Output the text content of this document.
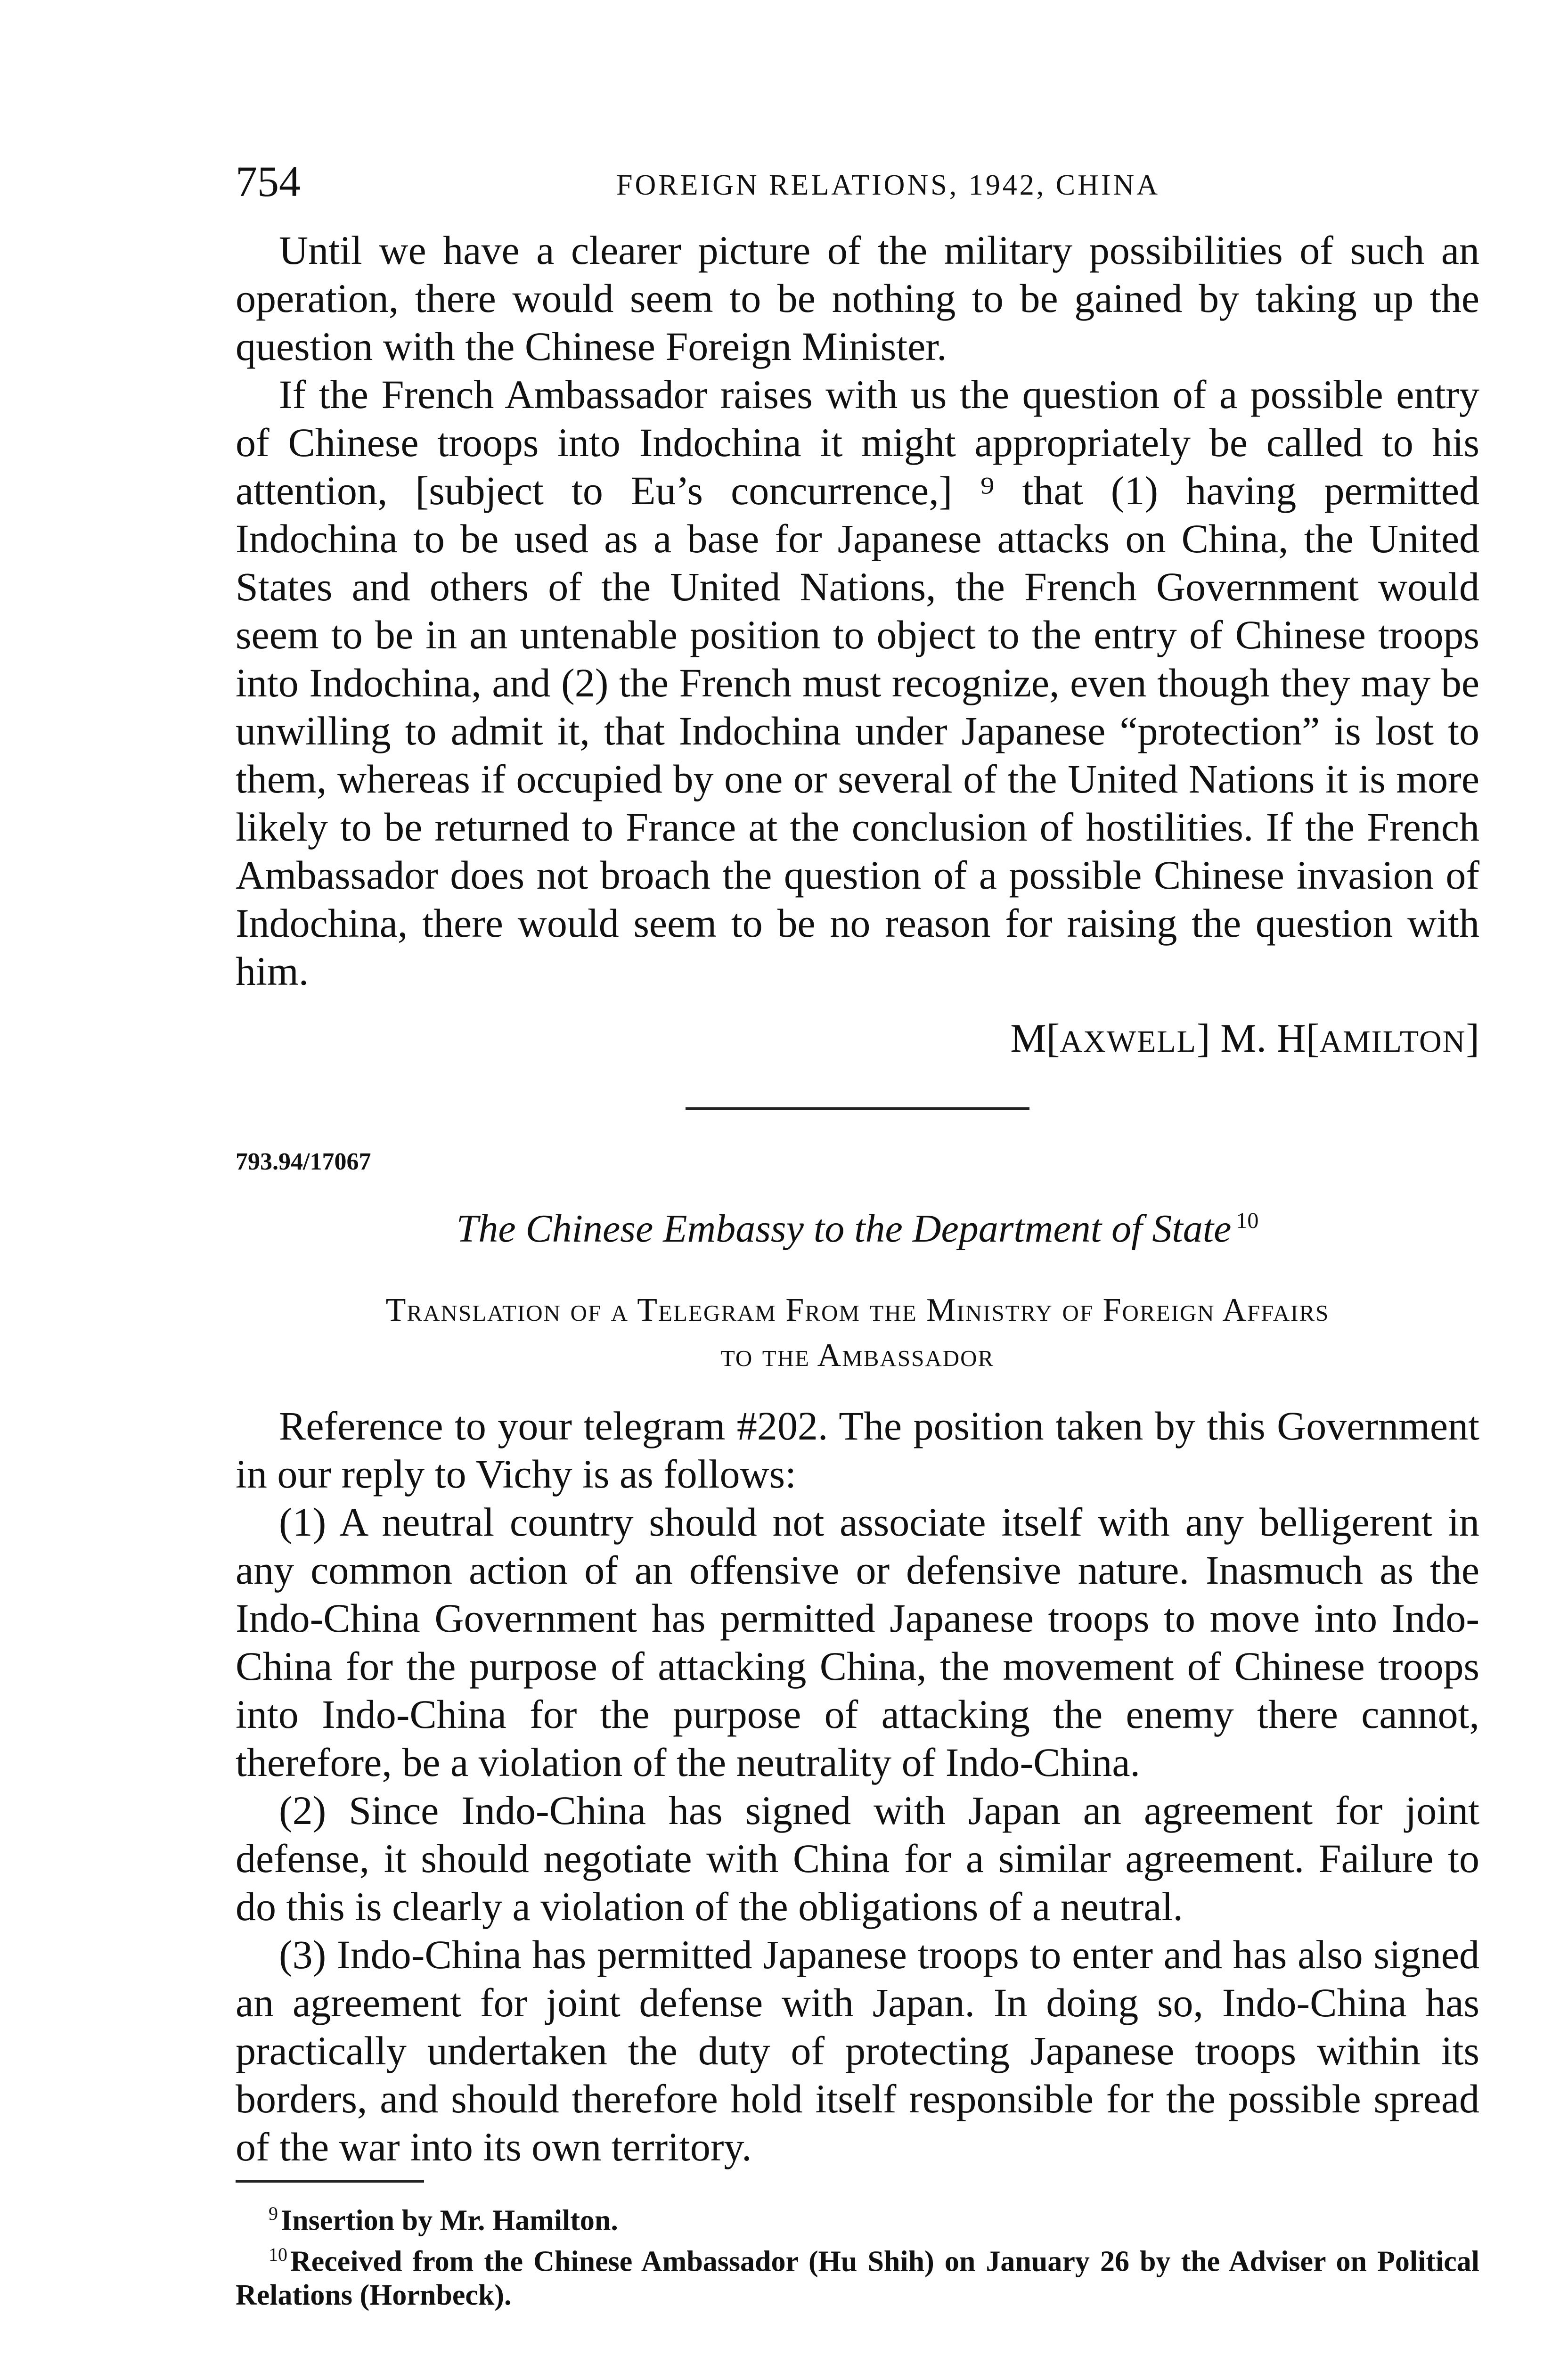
754	FOREIGN RELATIONS, 1942, CHINA

Until we have a clearer picture of the military possibilities of such an operation, there would seem to be nothing to be gained by taking up the question with the Chinese Foreign Minister.

If the French Ambassador raises with us the question of a possible entry of Chinese troops into Indochina it might appropriately be called to his attention, [subject to Eu’s concurrence,] ⁹ that (1) having permitted Indochina to be used as a base for Japanese attacks on China, the United States and others of the United Nations, the French Government would seem to be in an untenable position to object to the entry of Chinese troops into Indochina, and (2) the French must recognize, even though they may be unwilling to admit it, that Indochina under Japanese “protection” is lost to them, whereas if occupied by one or several of the United Nations it is more likely to be returned to France at the conclusion of hostilities. If the French Ambassador does not broach the question of a possible Chinese invasion of Indochina, there would seem to be no reason for raising the question with him.

M[AXWELL] M. H[AMILTON]
793.94/17067
The Chinese Embassy to the Department of State $^{10}$
Translation of a Telegram From the Ministry of Foreign Affairs
to the Ambassador

Reference to your telegram #202. The position taken by this Government in our reply to Vichy is as follows:

(1) A neutral country should not associate itself with any belligerent in any common action of an offensive or defensive nature. Inasmuch as the Indo-China Government has permitted Japanese troops to move into Indo-China for the purpose of attacking China, the movement of Chinese troops into Indo-China for the purpose of attacking the enemy there cannot, therefore, be a violation of the neutrality of Indo-China.

(2) Since Indo-China has signed with Japan an agreement for joint defense, it should negotiate with China for a similar agreement. Failure to do this is clearly a violation of the obligations of a neutral.

(3) Indo-China has permitted Japanese troops to enter and has also signed an agreement for joint defense with Japan. In doing so, Indo-China has practically undertaken the duty of protecting Japanese troops within its borders, and should therefore hold itself responsible for the possible spread of the war into its own territory.

$^9$Insertion by Mr. Hamilton.

$^{10}$Received from the Chinese Ambassador (Hu Shih) on January 26 by the Adviser on Political Relations (Hornbeck).
